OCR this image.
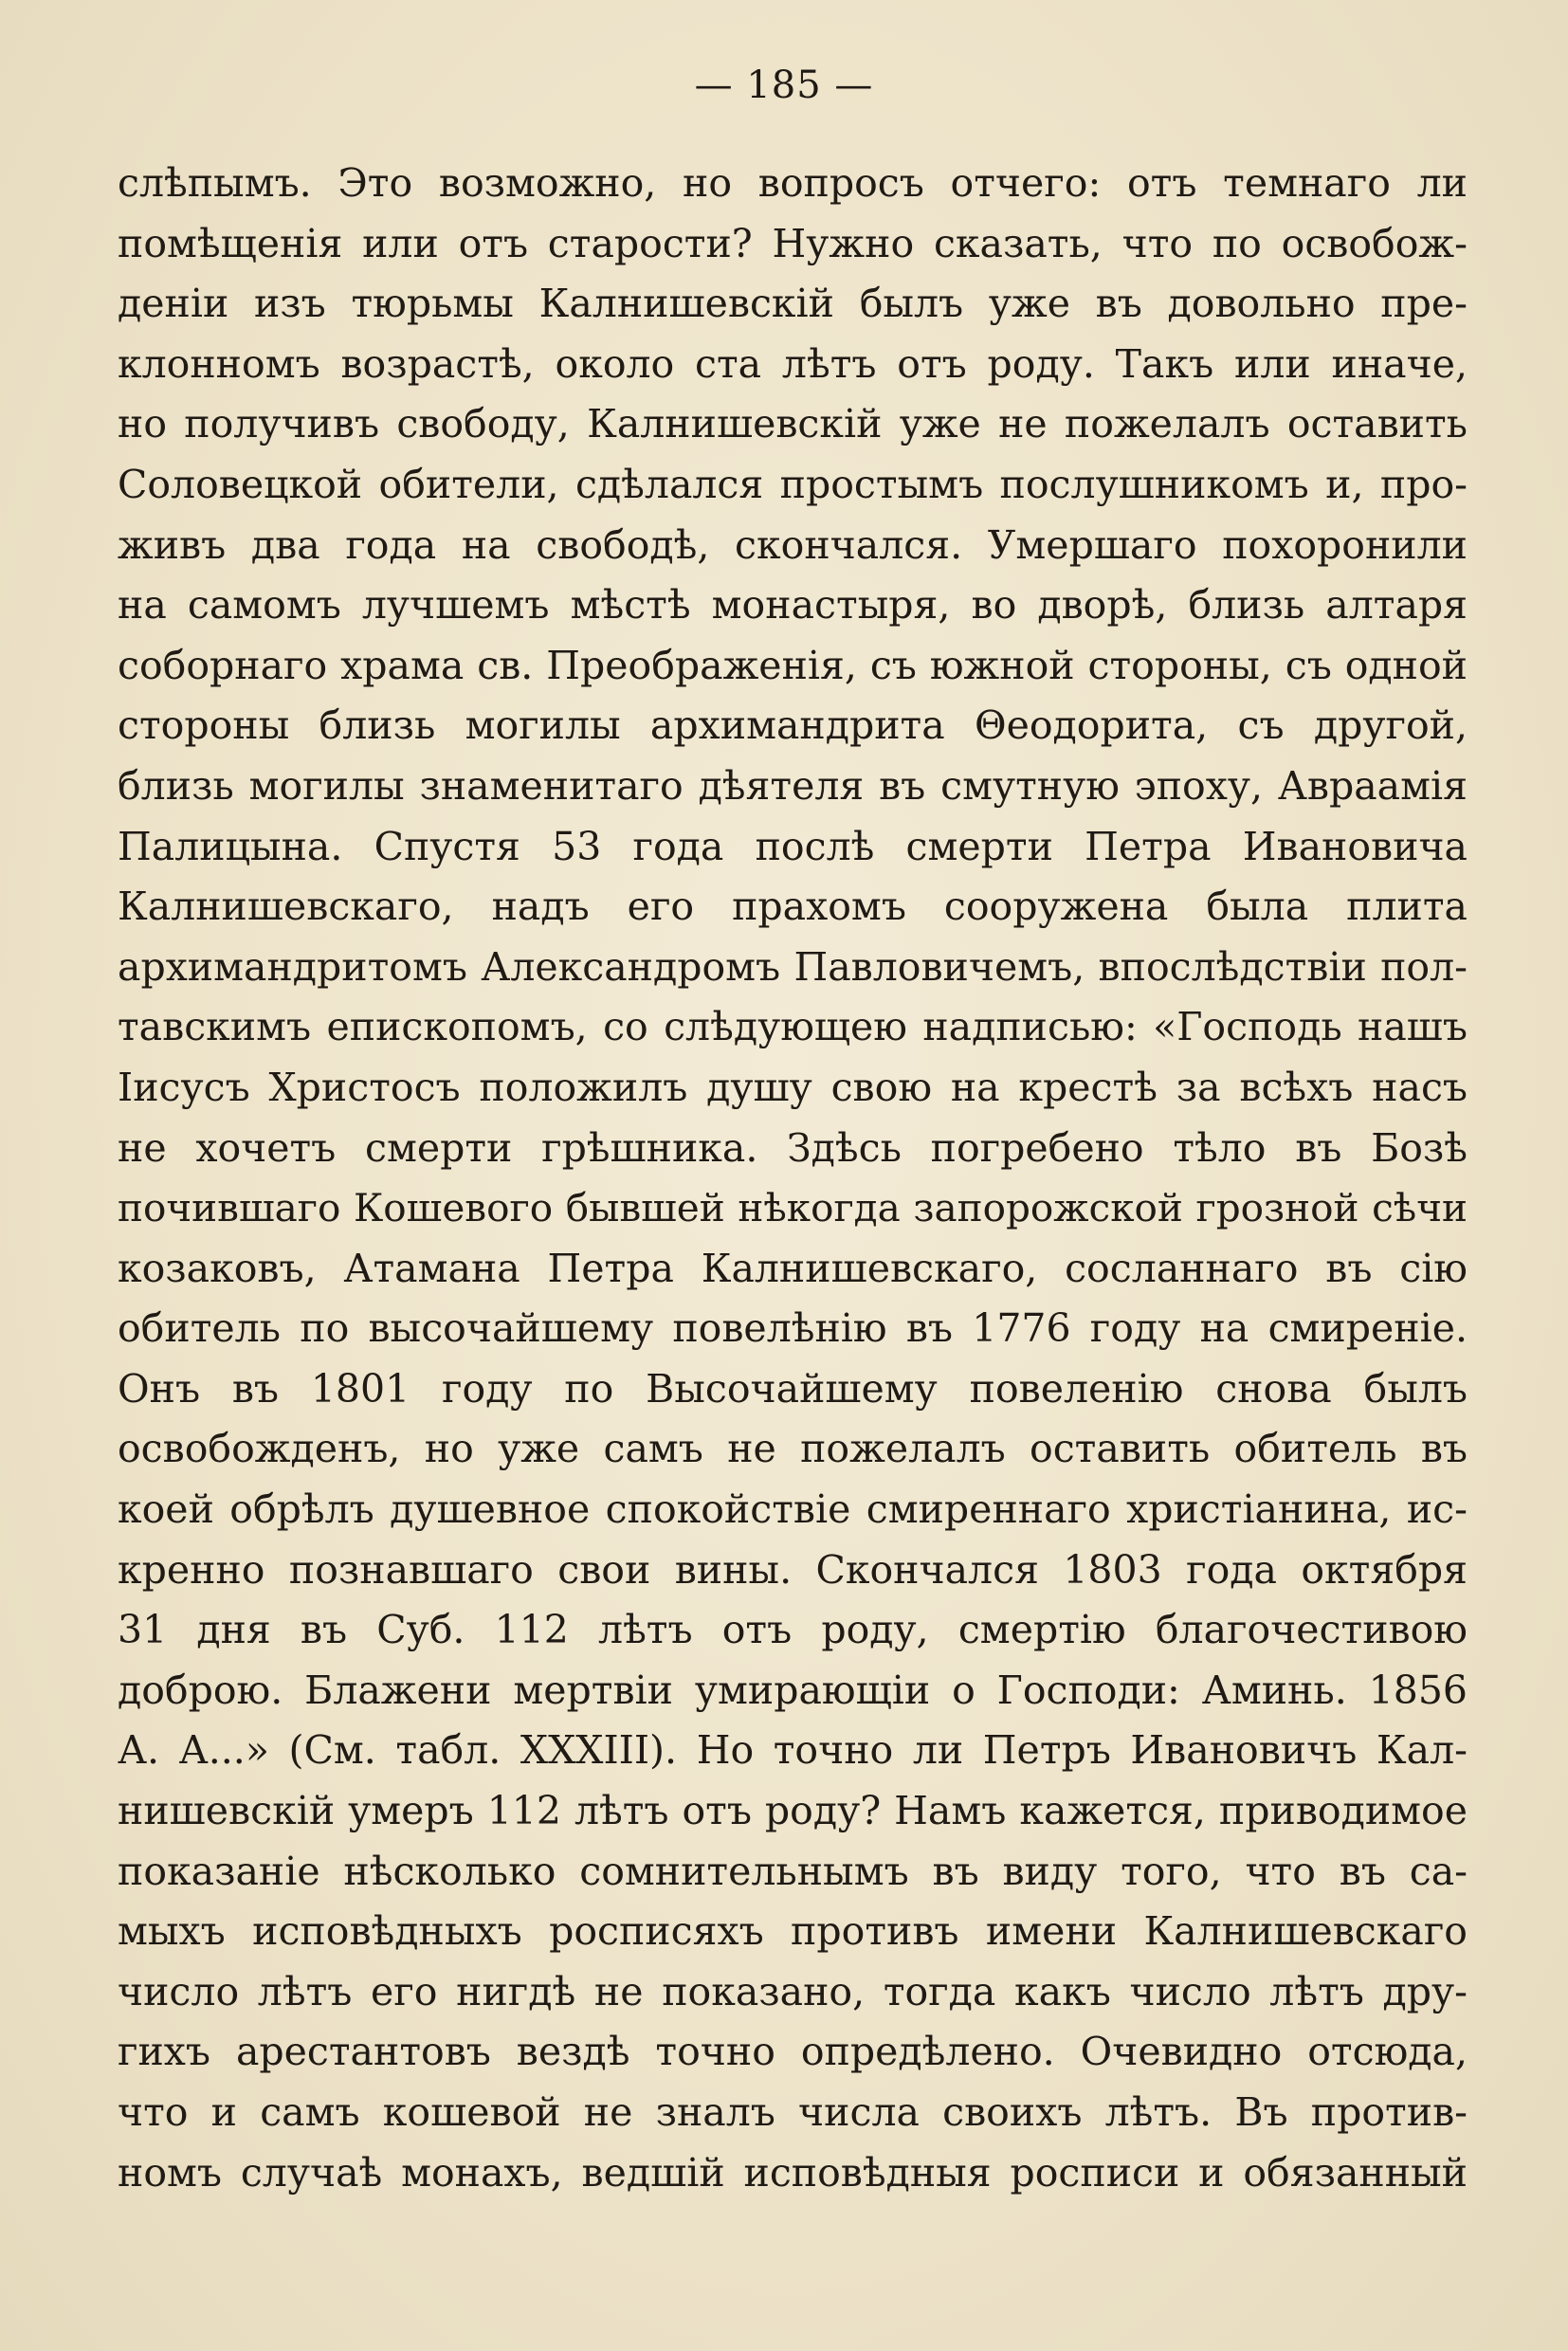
— 185 —
слѣпымъ. Это возможно, но вопросъ отчего: отъ темнаго ли
помѣщенія или отъ старости? Нужно сказать, что по освобож-
деніи изъ тюрьмы Калнишевскій былъ уже въ довольно пре-
клонномъ возрастѣ, около ста лѣтъ отъ роду. Такъ или иначе,
но получивъ свободу, Калнишевскій уже не пожелалъ оставить
Соловецкой обители, сдѣлался простымъ послушникомъ и, про-
живъ два года на свободѣ, скончался. Умершаго похоронили
на самомъ лучшемъ мѣстѣ монастыря, во дворѣ, близь алтаря
соборнаго храма св. Преображенія, съ южной стороны, съ одной
стороны близь могилы архимандрита Θеодорита, съ другой,
близь могилы знаменитаго дѣятеля въ смутную эпоху, Авраамія
Палицына. Спустя 53 года послѣ смерти Петра Ивановича
Калнишевскаго, надъ его прахомъ сооружена была плита
архимандритомъ Александромъ Павловичемъ, впослѣдствіи пол-
тавскимъ епископомъ, со слѣдующею надписью: «Господь нашъ
Іисусъ Христосъ положилъ душу свою на крестѣ за всѣхъ насъ
не хочетъ смерти грѣшника. Здѣсь погребено тѣло въ Бозѣ
почившаго Кошевого бывшей нѣкогда запорожской грозной сѣчи
козаковъ, Атамана Петра Калнишевскаго, сосланнаго въ сію
обитель по высочайшему повелѣнію въ 1776 году на смиреніе.
Онъ въ 1801 году по Высочайшему повеленію снова былъ
освобожденъ, но уже самъ не пожелалъ оставить обитель въ
коей обрѣлъ душевное спокойствіе смиреннаго христіанина, ис-
кренно познавшаго свои вины. Скончался 1803 года октября
31 дня въ Суб. 112 лѣтъ отъ роду, смертію благочестивою
доброю. Блажени мертвіи умирающіи о Господи: Аминь. 1856
А. А...» (См. табл. XXXIII). Но точно ли Петръ Ивановичъ Кал-
нишевскій умеръ 112 лѣтъ отъ роду? Намъ кажется, приводимое
показаніе нѣсколько сомнительнымъ въ виду того, что въ са-
мыхъ исповѣдныхъ росписяхъ противъ имени Калнишевскаго
число лѣтъ его нигдѣ не показано, тогда какъ число лѣтъ дру-
гихъ арестантовъ вездѣ точно опредѣлено. Очевидно отсюда,
что и самъ кошевой не зналъ числа своихъ лѣтъ. Въ против-
номъ случаѣ монахъ, ведшій исповѣдныя росписи и обязанный
